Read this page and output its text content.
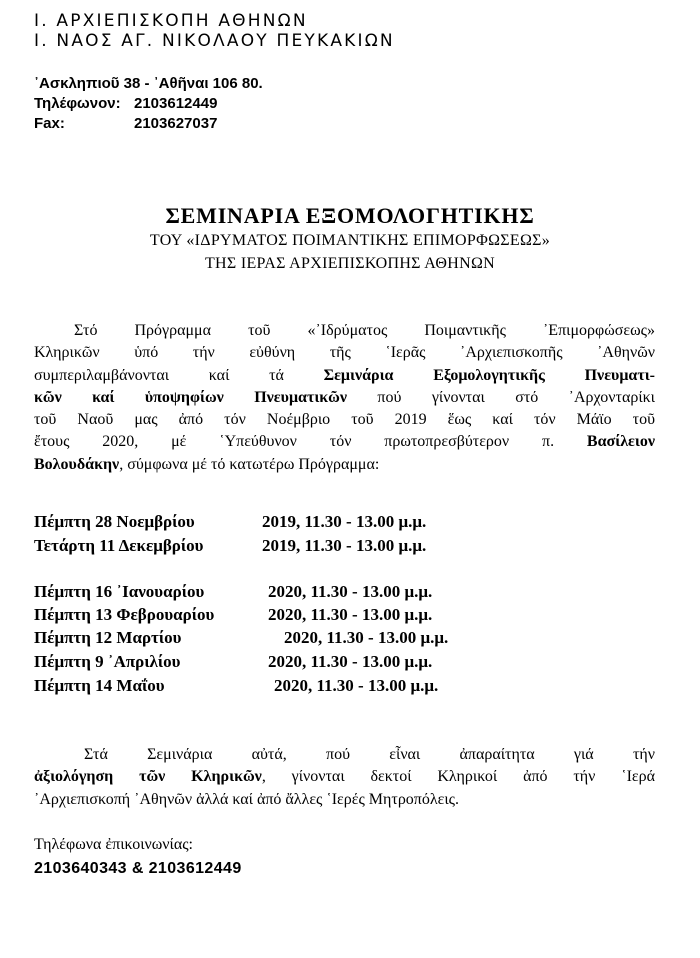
Ι. ΑΡΧΙΕΠΙΣΚΟΠΗ ΑΘΗΝΩΝ
Ι. ΝΑΟΣ ΑΓ. ΝΙΚΟΛΑΟΥ ΠΕΥΚΑΚΙΩΝ
᾿Ασκληπιοῦ 38 - ᾿Αθῆναι 106 80.
Τηλέφωνον: 2103612449
Fax:	2103627037
ΣΕΜΙΝΑΡΙΑ ΕΞΟΜΟΛΟΓΗΤΙΚΗΣ
ΤΟΥ «ΙΔΡΥΜΑΤΟΣ ΠΟΙΜΑΝΤΙΚΗΣ ΕΠΙΜΟΡΦΩΣΕΩΣ»
ΤΗΣ ΙΕΡΑΣ ΑΡΧΙΕΠΙΣΚΟΠΗΣ ΑΘΗΝΩΝ
Στό Πρόγραμμα τοῦ «᾿Ιδρύματος Ποιμαντικῆς ᾿Επιμορφώσεως»
Κληρικῶν ὑπό τήν εὐθύνη τῆς ῾Ιερᾶς ᾿Αρχιεπισκοπῆς ᾿Αθηνῶν
συμπεριλαμβάνονται καί τά Σεμινάρια Εξομολογητικῆς Πνευματι-
κῶν καί ὑποψηφίων Πνευματικῶν πού γίνονται στό ᾿Αρχονταρίκι
τοῦ Ναοῦ μας ἀπό τόν Νοέμβριο τοῦ 2019 ἕως καί τόν Μάϊο τοῦ
ἔτους 2020, μέ ῾Υπεύθυνον τόν πρωτοπρεσβύτερον π. Βασίλειον
Βολουδάκην, σύμφωνα μέ τό κατωτέρω Πρόγραμμα:
Πέμπτη 28 Νοεμβρίου	2019, 11.30 - 13.00 μ.μ.
Τετάρτη 11 Δεκεμβρίου	2019, 11.30 - 13.00 μ.μ.
Πέμπτη 16 ᾿Ιανουαρίου	2020, 11.30 - 13.00 μ.μ.
Πέμπτη 13 Φεβρουαρίου	2020, 11.30 - 13.00 μ.μ.
Πέμπτη 12 Μαρτίου	2020, 11.30 - 13.00 μ.μ.
Πέμπτη 9 ᾿Απριλίου	2020, 11.30 - 13.00 μ.μ.
Πέμπτη 14 Μαΐου	2020, 11.30 - 13.00 μ.μ.
Στά Σεμινάρια αὐτά, πού εἶναι ἀπαραίτητα γιά τήν
ἀξιολόγηση τῶν Κληρικῶν, γίνονται δεκτοί Κληρικοί ἀπό τήν ῾Ιερά
᾿Αρχιεπισκοπή ᾿Αθηνῶν ἀλλά καί ἀπό ἄλλες ῾Ιερές Μητροπόλεις.
Τηλέφωνα ἐπικοινωνίας:
2103640343 & 2103612449
